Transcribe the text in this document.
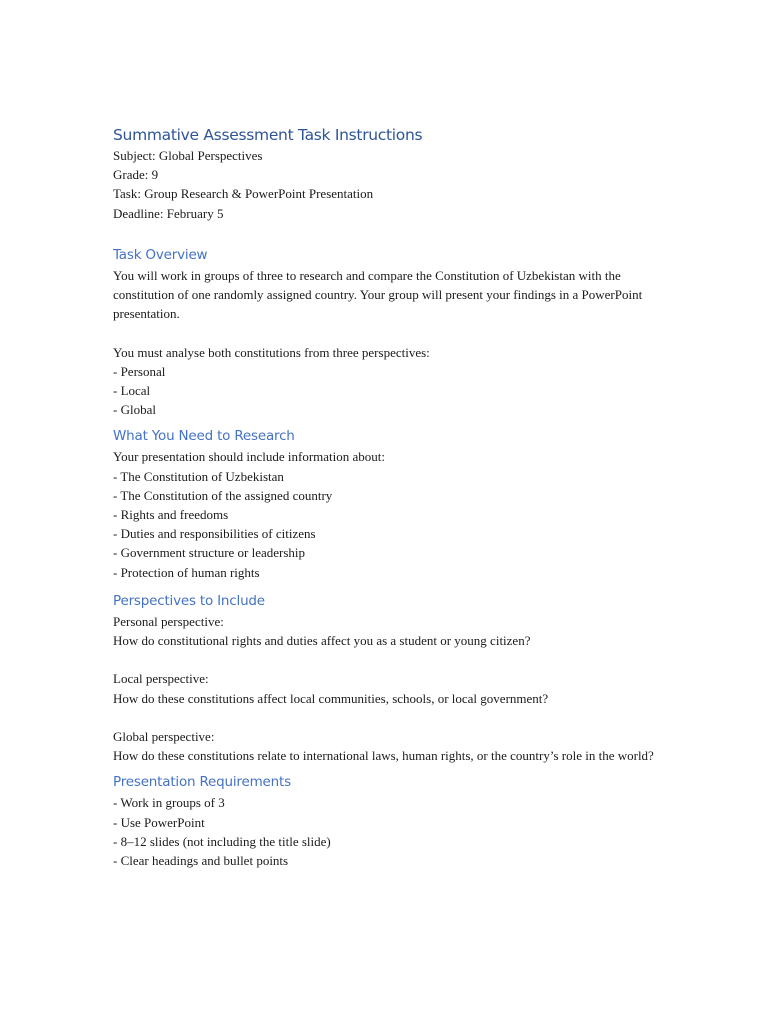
Summative Assessment Task Instructions
Subject: Global Perspectives
Grade: 9
Task: Group Research & PowerPoint Presentation
Deadline: February 5
Task Overview
You will work in groups of three to research and compare the Constitution of Uzbekistan with the constitution of one randomly assigned country. Your group will present your findings in a PowerPoint presentation.
You must analyse both constitutions from three perspectives:
- Personal
- Local
- Global
What You Need to Research
Your presentation should include information about:
- The Constitution of Uzbekistan
- The Constitution of the assigned country
- Rights and freedoms
- Duties and responsibilities of citizens
- Government structure or leadership
- Protection of human rights
Perspectives to Include
Personal perspective:
How do constitutional rights and duties affect you as a student or young citizen?
Local perspective:
How do these constitutions affect local communities, schools, or local government?
Global perspective:
How do these constitutions relate to international laws, human rights, or the country’s role in the world?
Presentation Requirements
- Work in groups of 3
- Use PowerPoint
- 8–12 slides (not including the title slide)
- Clear headings and bullet points
